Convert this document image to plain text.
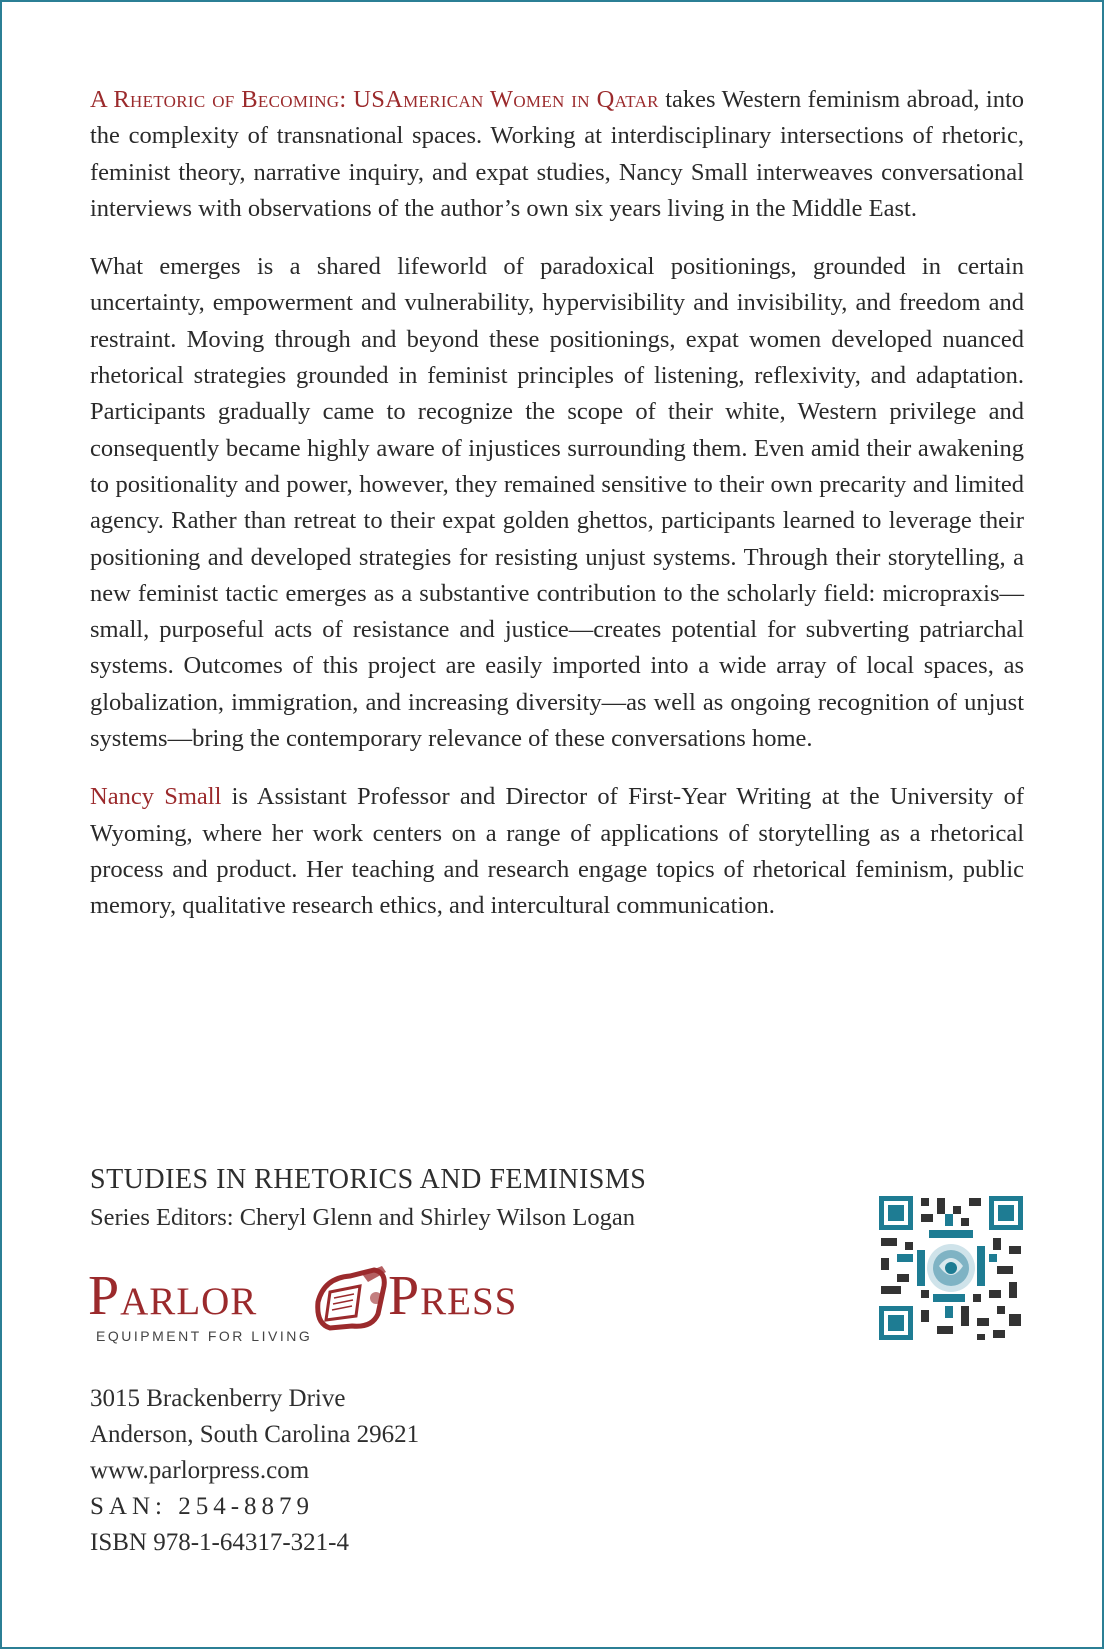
A Rhetoric of Becoming: USAmerican Women in Qatar takes Western feminism abroad, into the complexity of transnational spaces. Working at interdisciplinary intersections of rhetoric, feminist theory, narrative inquiry, and expat studies, Nancy Small interweaves conversational interviews with observations of the author’s own six years living in the Middle East.

What emerges is a shared lifeworld of paradoxical positionings, grounded in certain uncertainty, empowerment and vulnerability, hypervisibility and invisibility, and freedom and restraint. Moving through and beyond these positionings, expat women developed nuanced rhetorical strategies grounded in feminist principles of listening, reflexivity, and adaptation. Participants gradually came to recognize the scope of their white, Western privilege and consequently became highly aware of injustices surrounding them. Even amid their awakening to positionality and power, however, they remained sensitive to their own precarity and limited agency. Rather than retreat to their expat golden ghettos, participants learned to leverage their positioning and developed strategies for resisting unjust systems. Through their storytelling, a new feminist tactic emerges as a substantive contribution to the scholarly field: micropraxis—small, purposeful acts of resistance and justice—creates potential for subverting patriarchal systems. Outcomes of this project are easily imported into a wide array of local spaces, as globalization, immigration, and increasing diversity—as well as ongoing recognition of unjust systems—bring the contemporary relevance of these conversations home.

Nancy Small is Assistant Professor and Director of First-Year Writing at the University of Wyoming, where her work centers on a range of applications of storytelling as a rhetorical process and product. Her teaching and research engage topics of rhetorical feminism, public memory, qualitative research ethics, and intercultural communication.

STUDIES IN RHETORICS AND FEMINISMS
Series Editors: Cheryl Glenn and Shirley Wilson Logan
Parlor Press
EQUIPMENT FOR LIVING
3015 Brackenberry Drive
Anderson, South Carolina 29621
www.parlorpress.com
SAN: 254-8879
ISBN 978-1-64317-321-4
